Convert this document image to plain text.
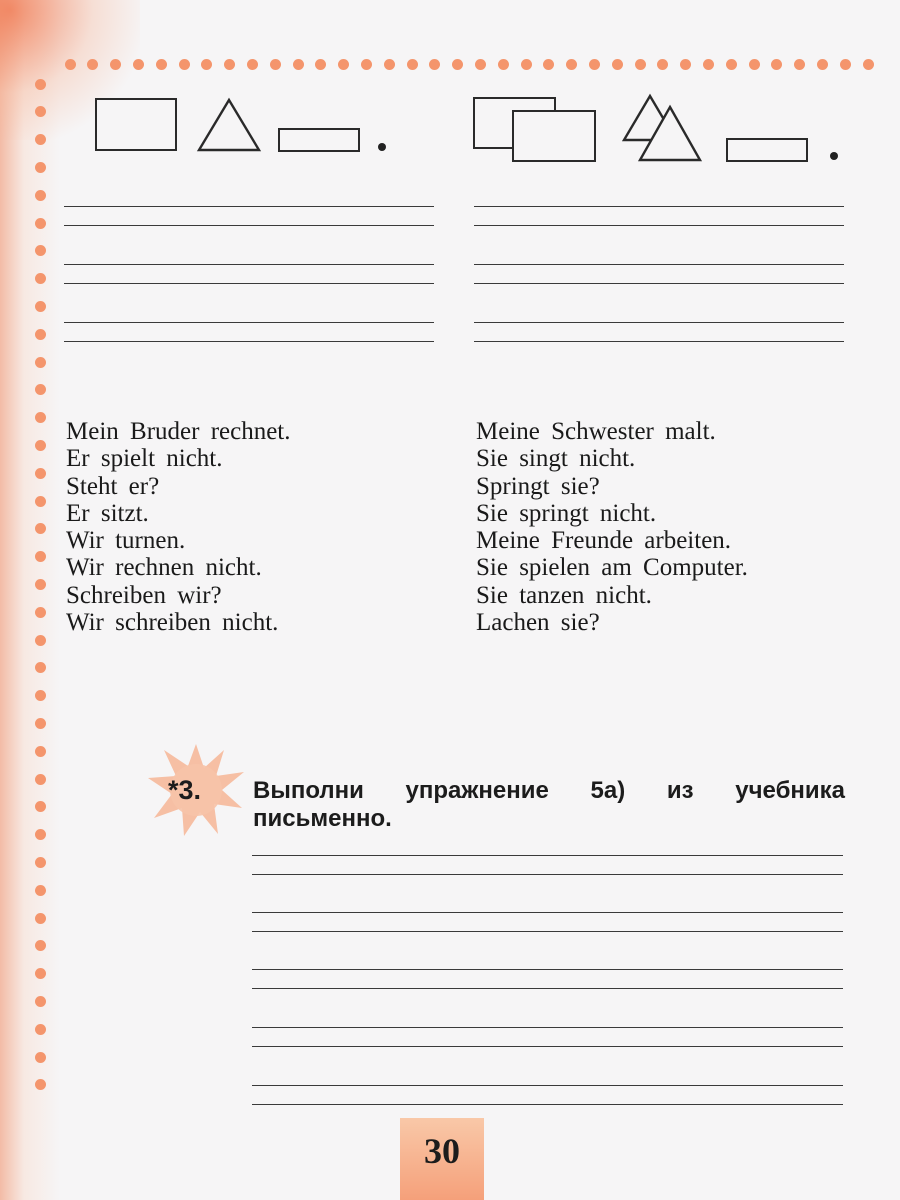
Mein Bruder rechnet.
Er spielt nicht.
Steht er?
Er sitzt.
Wir turnen.
Wir rechnen nicht.
Schreiben wir?
Wir schreiben nicht.
Meine Schwester malt.
Sie singt nicht.
Springt sie?
Sie springt nicht.
Meine Freunde arbeiten.
Sie spielen am Computer.
Sie tanzen nicht.
Lachen sie?
*3. Выполни упражнение 5а) из учебника письменно.
30
